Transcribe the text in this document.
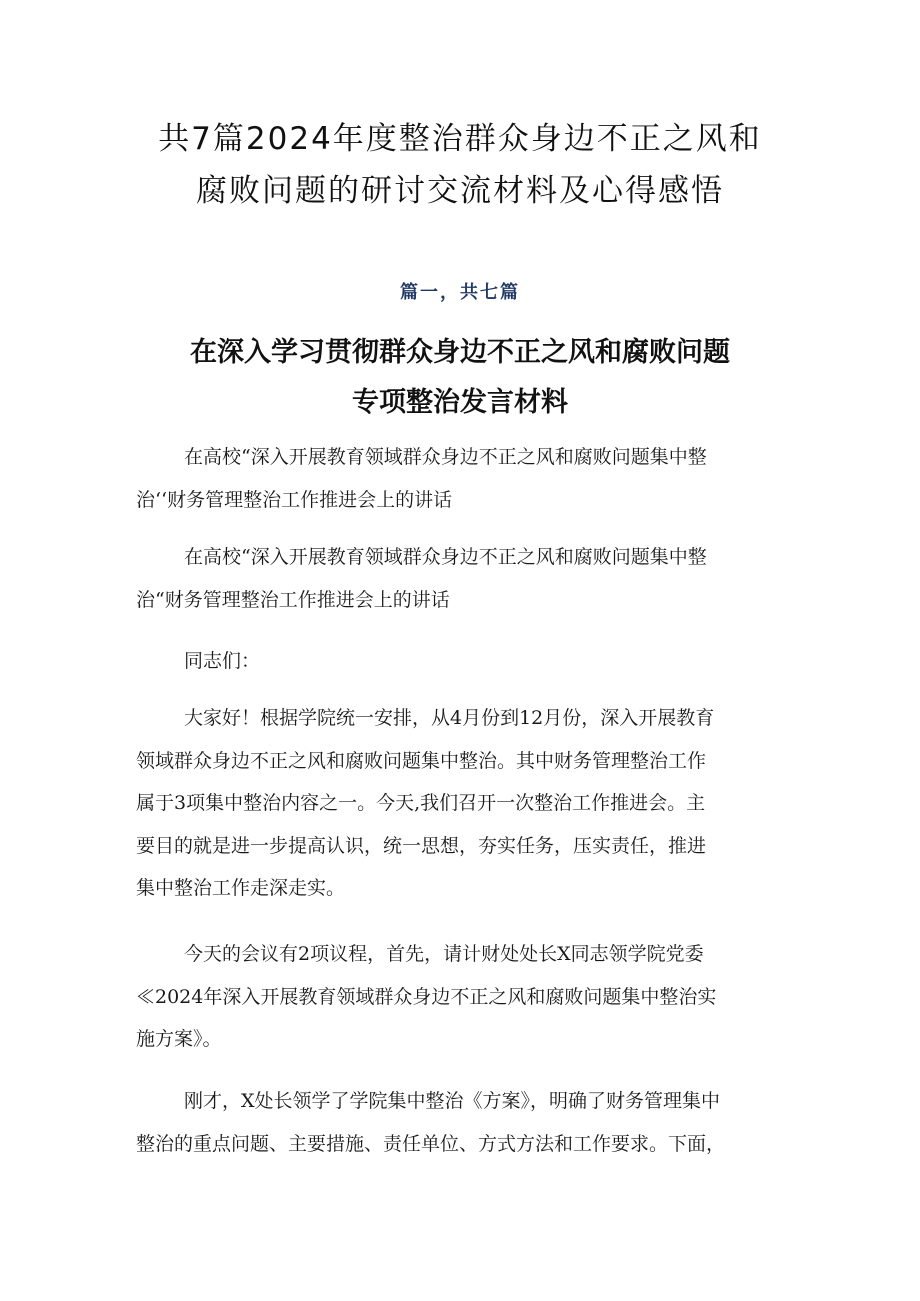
共7篇2024年度整治群众身边不正之风和
腐败问题的研讨交流材料及心得感悟
篇一，共七篇
在深入学习贯彻群众身边不正之风和腐败问题
专项整治发言材料
在高校“深入开展教育领域群众身边不正之风和腐败问题集中整
治‘‘财务管理整治工作推进会上的讲话
在高校“深入开展教育领域群众身边不正之风和腐败问题集中整
治“财务管理整治工作推进会上的讲话
同志们：
大家好！根据学院统一安排，从4月份到12月份，深入开展教育
领域群众身边不正之风和腐败问题集中整治。其中财务管理整治工作
属于3项集中整治内容之一。今天,我们召开一次整治工作推进会。主
要目的就是进一步提高认识，统一思想，夯实任务，压实责任，推进
集中整治工作走深走实。
今天的会议有2项议程，首先，请计财处处长X同志领学院党委
≪2024年深入开展教育领域群众身边不正之风和腐败问题集中整治实
施方案》。
刚才，X处长领学了学院集中整治《方案》，明确了财务管理集中
整治的重点问题、主要措施、责任单位、方式方法和工作要求。下面，
